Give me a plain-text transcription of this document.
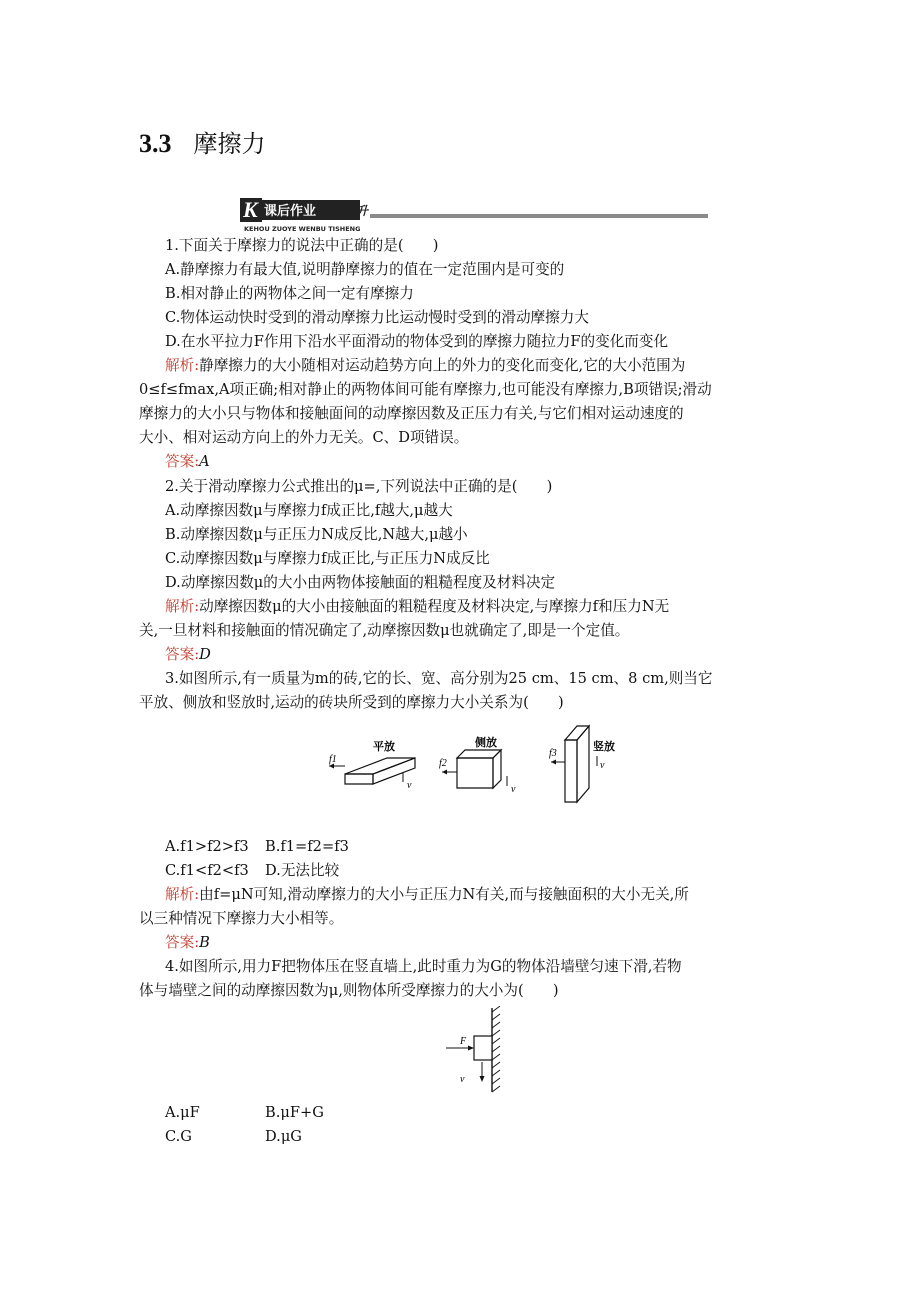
3.3 摩擦力
K 课后作业 稳步提升
KEHOU ZUOYE WENBU TISHENG
1.下面关于摩擦力的说法中正确的是(　　)
A.静摩擦力有最大值,说明静摩擦力的值在一定范围内是可变的
B.相对静止的两物体之间一定有摩擦力
C.物体运动快时受到的滑动摩擦力比运动慢时受到的滑动摩擦力大
D.在水平拉力F作用下沿水平面滑动的物体受到的摩擦力随拉力F的变化而变化
解析:静摩擦力的大小随相对运动趋势方向上的外力的变化而变化,它的大小范围为
0≤f≤fmax,A项正确;相对静止的两物体间可能有摩擦力,也可能没有摩擦力,B项错误;滑动
摩擦力的大小只与物体和接触面间的动摩擦因数及正压力有关,与它们相对运动速度的
大小、相对运动方向上的外力无关。C、D项错误。
答案:A
2.关于滑动摩擦力公式推出的μ=,下列说法中正确的是(　　)
A.动摩擦因数μ与摩擦力f成正比,f越大,μ越大
B.动摩擦因数μ与正压力N成反比,N越大,μ越小
C.动摩擦因数μ与摩擦力f成正比,与正压力N成反比
D.动摩擦因数μ的大小由两物体接触面的粗糙程度及材料决定
解析:动摩擦因数μ的大小由接触面的粗糙程度及材料决定,与摩擦力f和压力N无
关,一旦材料和接触面的情况确定了,动摩擦因数μ也就确定了,即是一个定值。
答案:D
3.如图所示,有一质量为m的砖,它的长、宽、高分别为25 cm、15 cm、8 cm,则当它
平放、侧放和竖放时,运动的砖块所受到的摩擦力大小关系为(　　)
平放
f1
v
侧放
f2
v
竖放
f3
v
A.f1>f2>f3 B.f1=f2=f3
C.f1<f2<f3 D.无法比较
解析:由f=μN可知,滑动摩擦力的大小与正压力N有关,而与接触面积的大小无关,所
以三种情况下摩擦力大小相等。
答案:B
4.如图所示,用力F把物体压在竖直墙上,此时重力为G的物体沿墙壁匀速下滑,若物
体与墙壁之间的动摩擦因数为μ,则物体所受摩擦力的大小为(　　)
F
v
A.μF	B.μF+G
C.G	D.μG
